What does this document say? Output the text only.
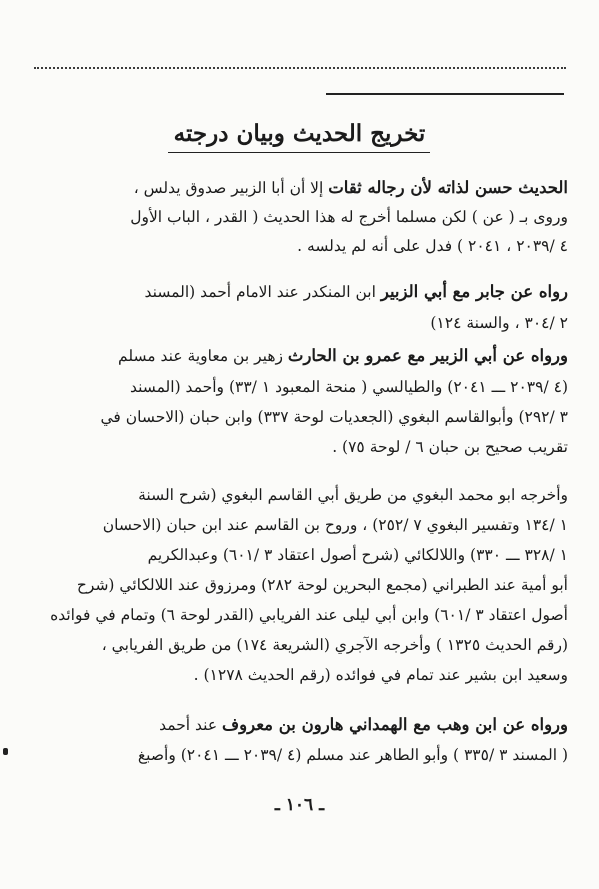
تخريج الحديث وبيان درجته
الحديث حسن لذاته لأن رجاله ثقات إلا أن أبا الزبير صدوق يدلس ،
وروى بـ ( عن ) لكن مسلما أخرج له هذا الحديث ( القدر ، الباب الأول
٤ /٢٠٣٩ ، ٢٠٤١ ) فدل على أنه لم يدلسه .
رواه عن جابر مع أبي الزبير ابن المنكدر عند الامام أحمد (المسند
٢ /٣٠٤ ، والسنة ١٢٤)
ورواه عن أبي الزبير مع عمرو بن الحارث زهير بن معاوية عند مسلم
(٤ /٢٠٣٩ ـــ ٢٠٤١) والطيالسي ( منحة المعبود ١ /٣٣) وأحمد (المسند
٣ /٢٩٢) وأبوالقاسم البغوي (الجعديات لوحة ٣٣٧) وابن حبان (الاحسان في
تقريب صحيح بن حبان ٦ / لوحة ٧٥) .
وأخرجه ابو محمد البغوي من طريق أبي القاسم البغوي (شرح السنة
١ /١٣٤ وتفسير البغوي ٧ /٢٥٢) ، وروح بن القاسم عند ابن حبان (الاحسان
١ /٣٢٨ ـــ ٣٣٠) واللالكائي (شرح أصول اعتقاد ٣ /٦٠١) وعبدالكريم
أبو أمية عند الطبراني (مجمع البحرين لوحة ٢٨٢) ومرزوق عند اللالكائي (شرح
أصول اعتقاد ٣ /٦٠١) وابن أبي ليلى عند الفريابي (القدر لوحة ٦) وتمام في فوائده
(رقم الحديث ١٣٢٥ ) وأخرجه الآجري (الشريعة ١٧٤) من طريق الفريابي ،
وسعيد ابن بشير عند تمام في فوائده (رقم الحديث ١٢٧٨) .
ورواه عن ابن وهب مع الهمداني هارون بن معروف عند أحمد
( المسند ٣ /٣٣٥ ) وأبو الطاهر عند مسلم (٤ /٢٠٣٩ ـــ ٢٠٤١) وأصبغ
ـ ١٠٦ ـ
